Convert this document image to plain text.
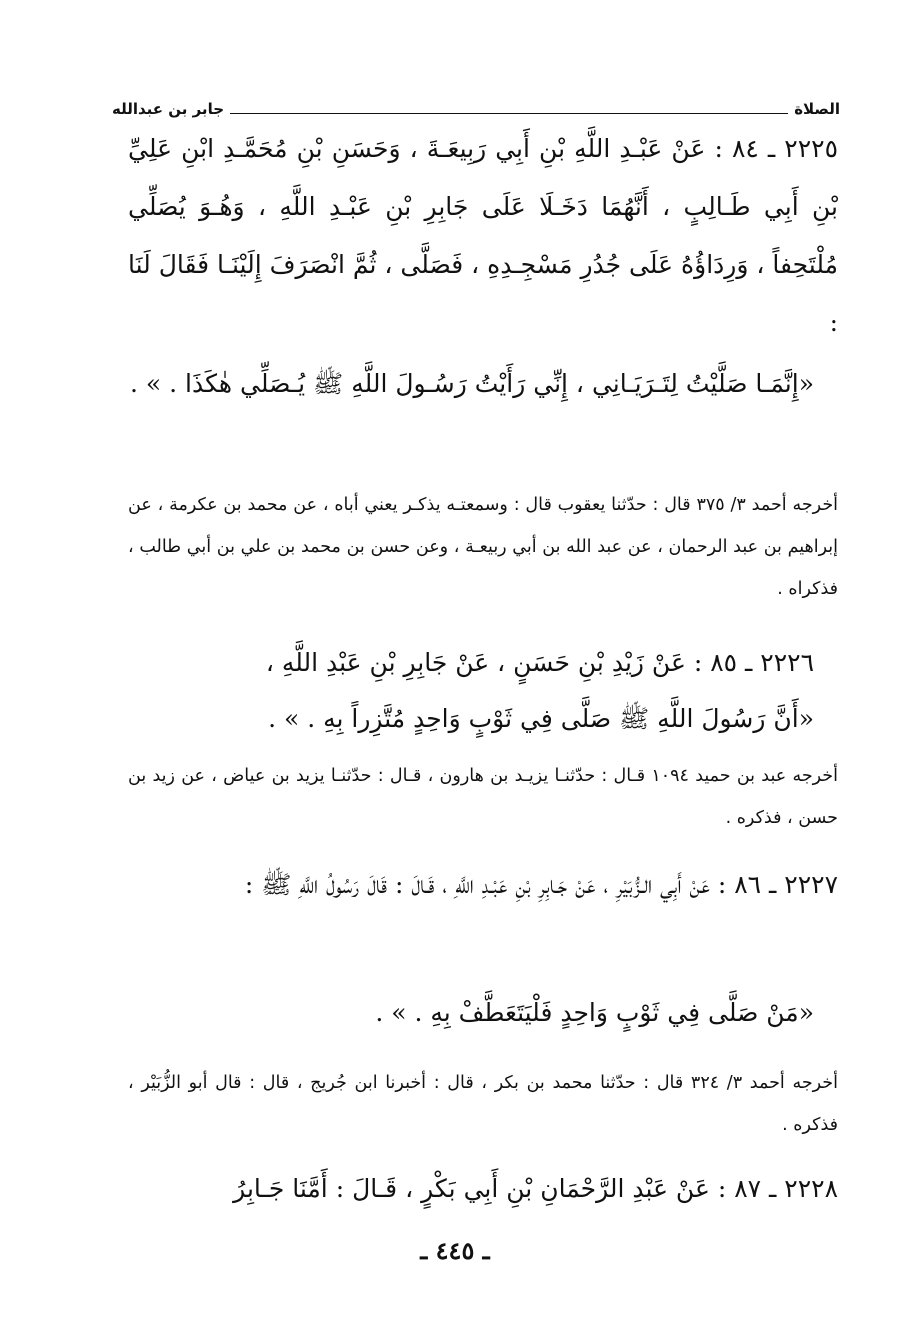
الصلاة
جابر بن عبدالله
٢٢٢٥ ـ ٨٤ : عَنْ عَبْـدِ اللَّهِ بْنِ أَبِي رَبِيعَـةَ ، وَحَسَنِ بْنِ مُحَمَّـدِ ابْنِ عَلِيِّ بْنِ أَبِي طَـالِبٍ ، أَنَّهُمَا دَخَـلَا عَلَى جَابِرِ بْنِ عَبْـدِ اللَّهِ ، وَهُـوَ يُصَلِّي مُلْتَحِفاً ، وَرِدَاؤُهُ عَلَى جُدُرِ مَسْجِـدِهِ ، فَصَلَّى ، ثُمَّ انْصَرَفَ إِلَيْنَـا فَقَالَ لَنَا :
«إِنَّمَـا صَلَّيْتُ لِتَـرَيَـانِي ، إِنِّي رَأَيْتُ رَسُـولَ اللَّهِ ﷺ يُـصَلِّي هٰكَذَا . » .
أخرجه أحمد ٣/ ٣٧٥ قال : حدّثنا يعقوب قال : وسمعتـه يذكـر يعني أباه ، عن محمد بن عكرمة ، عن إبراهيم بن عبد الرحمان ، عن عبد الله بن أبي ربيعـة ، وعن حسن بن محمد بن علي بن أبي طالب ، فذكراه .
٢٢٢٦ ـ ٨٥ : عَنْ زَيْدِ بْنِ حَسَنٍ ، عَنْ جَابِرِ بْنِ عَبْدِ اللَّهِ ،
«أَنَّ رَسُولَ اللَّهِ ﷺ صَلَّى فِي ثَوْبٍ وَاحِدٍ مُتَّزِراً بِهِ . » .
أخرجه عبد بن حميد ١٠٩٤ قـال : حدّثنـا يزيـد بن هارون ، قـال : حدّثنـا يزيد بن عياض ، عن زيد بن حسن ، فذكره .
٢٢٢٧ ـ ٨٦ : عَنْ أَبِي الـزُّبَيْرِ ، عَنْ جَـابِرِ بْنِ عَبْـدِ اللَّهِ ، قَـالَ : قَالَ رَسُولُ اللَّهِ ﷺ :
«مَنْ صَلَّى فِي ثَوْبٍ وَاحِدٍ فَلْيَتَعَطَّفْ بِهِ . » .
أخرجه أحمد ٣/ ٣٢٤ قال : حدّثنا محمد بن بكر ، قال : أخبرنا ابن جُريج ، قال : قال أبو الزُّبَيْر ، فذكره .
٢٢٢٨ ـ ٨٧ : عَنْ عَبْدِ الرَّحْمَانِ بْنِ أَبِي بَكْرٍ ، قَـالَ : أَمَّنَا جَـابِرُ
ـ ٤٤٥ ـ
